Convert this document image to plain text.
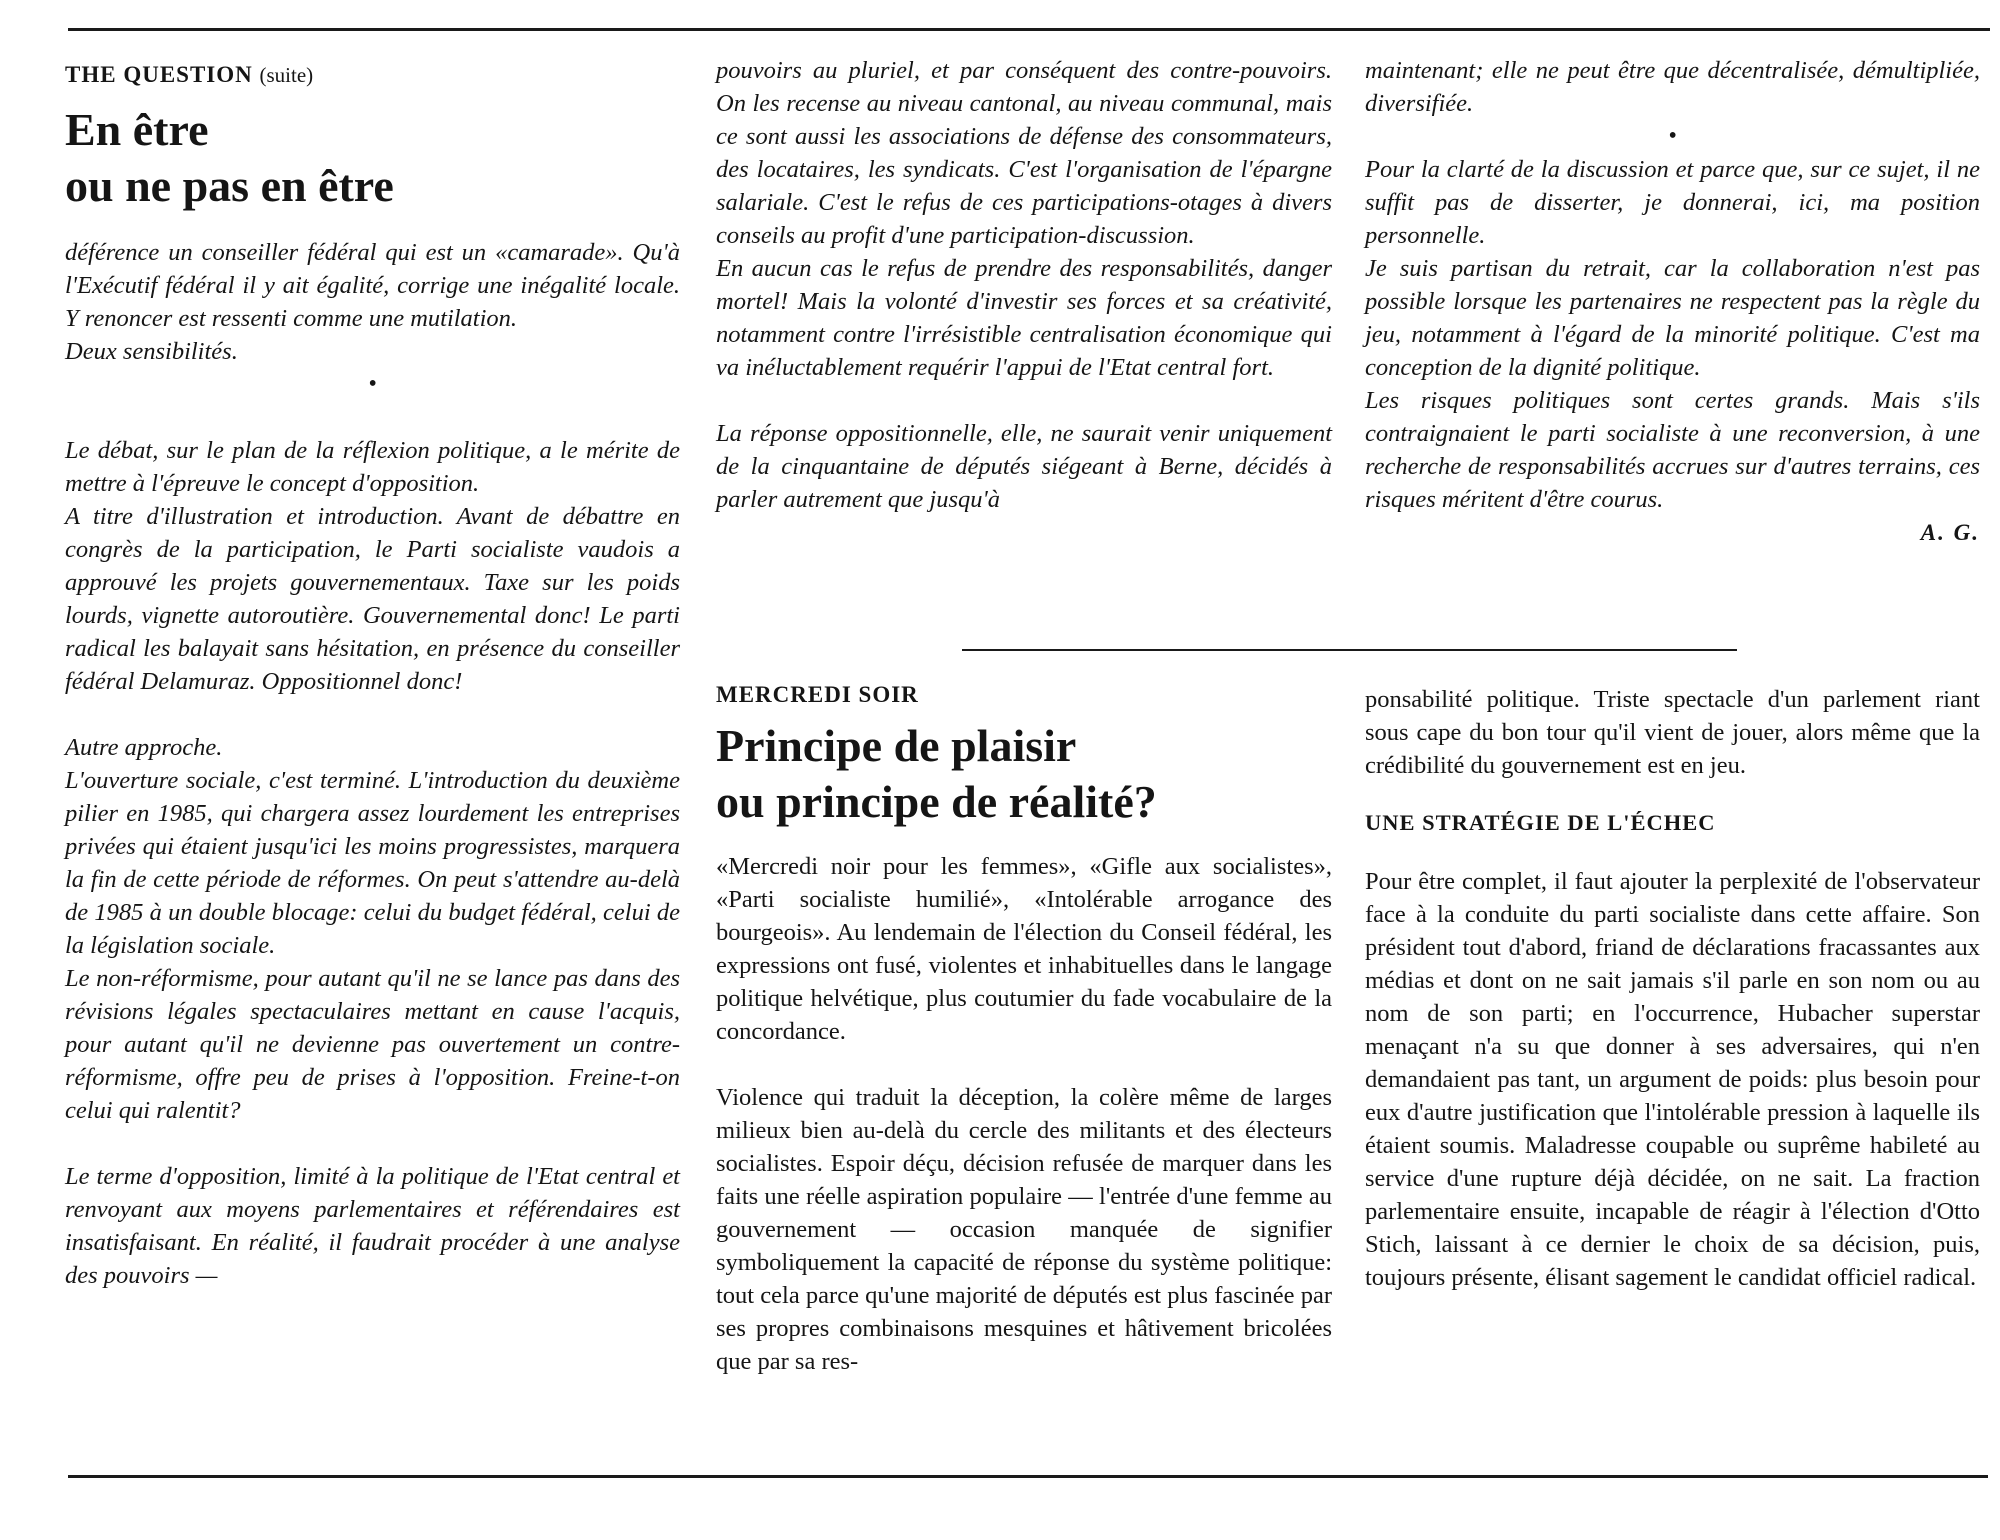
THE QUESTION (suite)

En être
ou ne pas en être

déférence un conseiller fédéral qui est un «camarade». Qu'à l'Exécutif fédéral il y ait égalité, corrige une inégalité locale. Y renoncer est ressenti comme une mutilation.

Deux sensibilités.

•

Le débat, sur le plan de la réflexion politique, a le mérite de mettre à l'épreuve le concept d'opposition.

A titre d'illustration et introduction. Avant de débattre en congrès de la participation, le Parti socialiste vaudois a approuvé les projets gouvernementaux. Taxe sur les poids lourds, vignette autoroutière. Gouvernemental donc! Le parti radical les balayait sans hésitation, en présence du conseiller fédéral Delamuraz. Oppositionnel donc!

Autre approche.

L'ouverture sociale, c'est terminé. L'introduction du deuxième pilier en 1985, qui chargera assez lourdement les entreprises privées qui étaient jusqu'ici les moins progressistes, marquera la fin de cette période de réformes. On peut s'attendre au-delà de 1985 à un double blocage: celui du budget fédéral, celui de la législation sociale.

Le non-réformisme, pour autant qu'il ne se lance pas dans des révisions légales spectaculaires mettant en cause l'acquis, pour autant qu'il ne devienne pas ouvertement un contre-réformisme, offre peu de prises à l'opposition. Freine-t-on celui qui ralentit?

Le terme d'opposition, limité à la politique de l'Etat central et renvoyant aux moyens parlementaires et référendaires est insatisfaisant. En réalité, il faudrait procéder à une analyse des pouvoirs —

pouvoirs au pluriel, et par conséquent des contre-pouvoirs. On les recense au niveau cantonal, au niveau communal, mais ce sont aussi les associations de défense des consommateurs, des locataires, les syndicats. C'est l'organisation de l'épargne salariale. C'est le refus de ces participations-otages à divers conseils au profit d'une participation-discussion.

En aucun cas le refus de prendre des responsabilités, danger mortel! Mais la volonté d'investir ses forces et sa créativité, notamment contre l'irrésistible centralisation économique qui va inéluctablement requérir l'appui de l'Etat central fort.

La réponse oppositionnelle, elle, ne saurait venir uniquement de la cinquantaine de députés siégeant à Berne, décidés à parler autrement que jusqu'à

maintenant; elle ne peut être que décentralisée, démultipliée, diversifiée.

•

Pour la clarté de la discussion et parce que, sur ce sujet, il ne suffit pas de disserter, je donnerai, ici, ma position personnelle.

Je suis partisan du retrait, car la collaboration n'est pas possible lorsque les partenaires ne respectent pas la règle du jeu, notamment à l'égard de la minorité politique. C'est ma conception de la dignité politique.

Les risques politiques sont certes grands. Mais s'ils contraignaient le parti socialiste à une reconversion, à une recherche de responsabilités accrues sur d'autres terrains, ces risques méritent d'être courus.

A. G.

MERCREDI SOIR

Principe de plaisir
ou principe de réalité?

«Mercredi noir pour les femmes», «Gifle aux socialistes», «Parti socialiste humilié», «Intolérable arrogance des bourgeois». Au lendemain de l'élection du Conseil fédéral, les expressions ont fusé, violentes et inhabituelles dans le langage politique helvétique, plus coutumier du fade vocabulaire de la concordance.

Violence qui traduit la déception, la colère même de larges milieux bien au-delà du cercle des militants et des électeurs socialistes. Espoir déçu, décision refusée de marquer dans les faits une réelle aspiration populaire — l'entrée d'une femme au gouvernement — occasion manquée de signifier symboliquement la capacité de réponse du système politique: tout cela parce qu'une majorité de députés est plus fascinée par ses propres combinaisons mesquines et hâtivement bricolées que par sa res-

ponsabilité politique. Triste spectacle d'un parlement riant sous cape du bon tour qu'il vient de jouer, alors même que la crédibilité du gouvernement est en jeu.

UNE STRATÉGIE DE L'ÉCHEC

Pour être complet, il faut ajouter la perplexité de l'observateur face à la conduite du parti socialiste dans cette affaire. Son président tout d'abord, friand de déclarations fracassantes aux médias et dont on ne sait jamais s'il parle en son nom ou au nom de son parti; en l'occurrence, Hubacher superstar menaçant n'a su que donner à ses adversaires, qui n'en demandaient pas tant, un argument de poids: plus besoin pour eux d'autre justification que l'intolérable pression à laquelle ils étaient soumis. Maladresse coupable ou suprême habileté au service d'une rupture déjà décidée, on ne sait. La fraction parlementaire ensuite, incapable de réagir à l'élection d'Otto Stich, laissant à ce dernier le choix de sa décision, puis, toujours présente, élisant sagement le candidat officiel radical.
